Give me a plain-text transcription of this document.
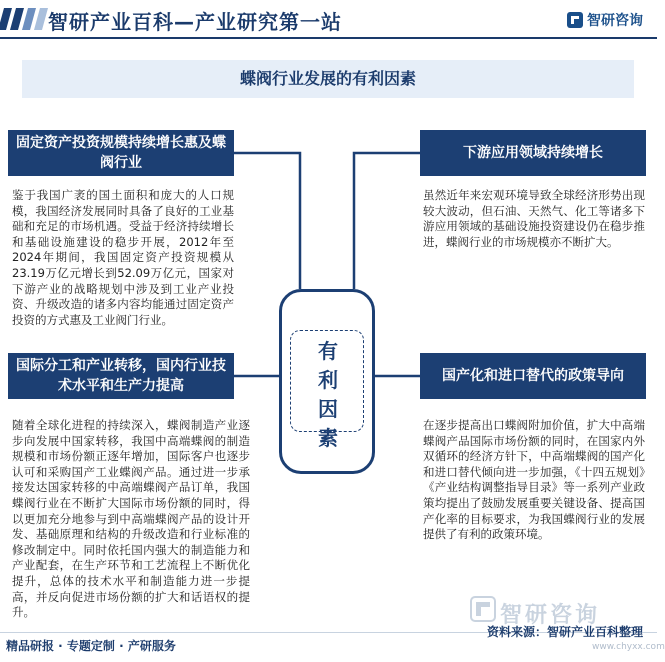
智研产业百科—产业研究第一站	智研咨询
蝶阀行业发展的有利因素
固定资产投资规模持续增长惠及蝶阀行业
鉴于我国广袤的国土面积和庞大的人口规模，我国经济发展同时具备了良好的工业基础和充足的市场机遇。受益于经济持续增长和基础设施建设的稳步开展，2012年至2024年期间，我国固定资产投资规模从23.19万亿元增长到52.09万亿元，国家对下游产业的战略规划中涉及到工业产业投资、升级改造的诸多内容均能通过固定资产投资的方式惠及工业阀门行业。
下游应用领域持续增长
虽然近年来宏观环境导致全球经济形势出现较大波动，但石油、天然气、化工等诸多下游应用领域的基础设施投资建设仍在稳步推进，蝶阀行业的市场规模亦不断扩大。
国际分工和产业转移，国内行业技术水平和生产力提高
随着全球化进程的持续深入，蝶阀制造产业逐步向发展中国家转移，我国中高端蝶阀的制造规模和市场份额正逐年增加，国际客户也逐步认可和采购国产工业蝶阀产品。通过进一步承接发达国家转移的中高端蝶阀产品订单，我国蝶阀行业在不断扩大国际市场份额的同时，得以更加充分地参与到中高端蝶阀产品的设计开发、基础原理和结构的升级改造和行业标准的修改制定中。同时依托国内强大的制造能力和产业配套，在生产环节和工艺流程上不断优化提升，总体的技术水平和制造能力进一步提高，并反向促进市场份额的扩大和话语权的提升。
国产化和进口替代的政策导向
在逐步提高出口蝶阀附加价值，扩大中高端蝶阀产品国际市场份额的同时，在国家内外双循环的经济方针下，中高端蝶阀的国产化和进口替代倾向进一步加强，《十四五规划》《产业结构调整指导目录》等一系列产业政策均提出了鼓励发展重要关键设备、提高国产化率的目标要求，为我国蝶阀行业的发展提供了有利的政策环境。
有
利
因
素
智研咨询
www.chyxx.com
精品研报 · 专题定制 · 产研服务
资料来源：智研产业百科整理
